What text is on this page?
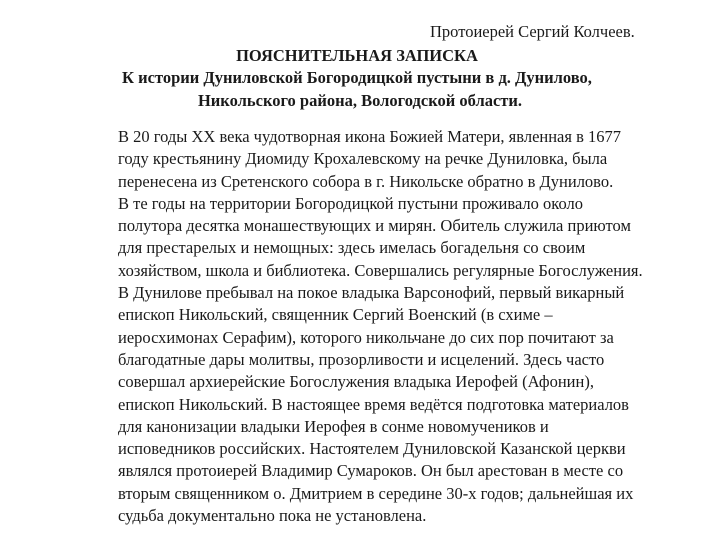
Протоиерей Сергий Колчеев.
ПОЯСНИТЕЛЬНАЯ ЗАПИСКА
К истории Дуниловской Богородицкой пустыни в д. Дунилово,
Никольского района, Вологодской области.
В 20 годы XX века чудотворная икона Божией Матери, явленная в 1677
году крестьянину Диомиду Крохалевскому на речке Дуниловка, была
перенесена из Сретенского собора в г. Никольске обратно в Дунилово.
В те годы на территории Богородицкой пустыни проживало около
полутора десятка монашествующих и мирян. Обитель служила приютом
для престарелых и немощных: здесь имелась богадельня со своим
хозяйством, школа и библиотека. Совершались регулярные Богослужения.
В Дунилове пребывал на покое владыка Варсонофий, первый викарный
епископ Никольский, священник Сергий Военский (в схиме –
иеросхимонах Серафим), которого никольчане до сих пор почитают за
благодатные дары молитвы, прозорливости и исцелений. Здесь часто
совершал архиерейские Богослужения владыка Иерофей (Афонин),
епископ Никольский. В настоящее время ведётся подготовка материалов
для канонизации владыки Иерофея в сонме новомучеников и
исповедников российских. Настоятелем Дуниловской Казанской церкви
являлся протоиерей Владимир Сумароков. Он был арестован в месте со
вторым священником о. Дмитрием в середине 30-х годов; дальнейшая их
судьба документально пока не установлена.
